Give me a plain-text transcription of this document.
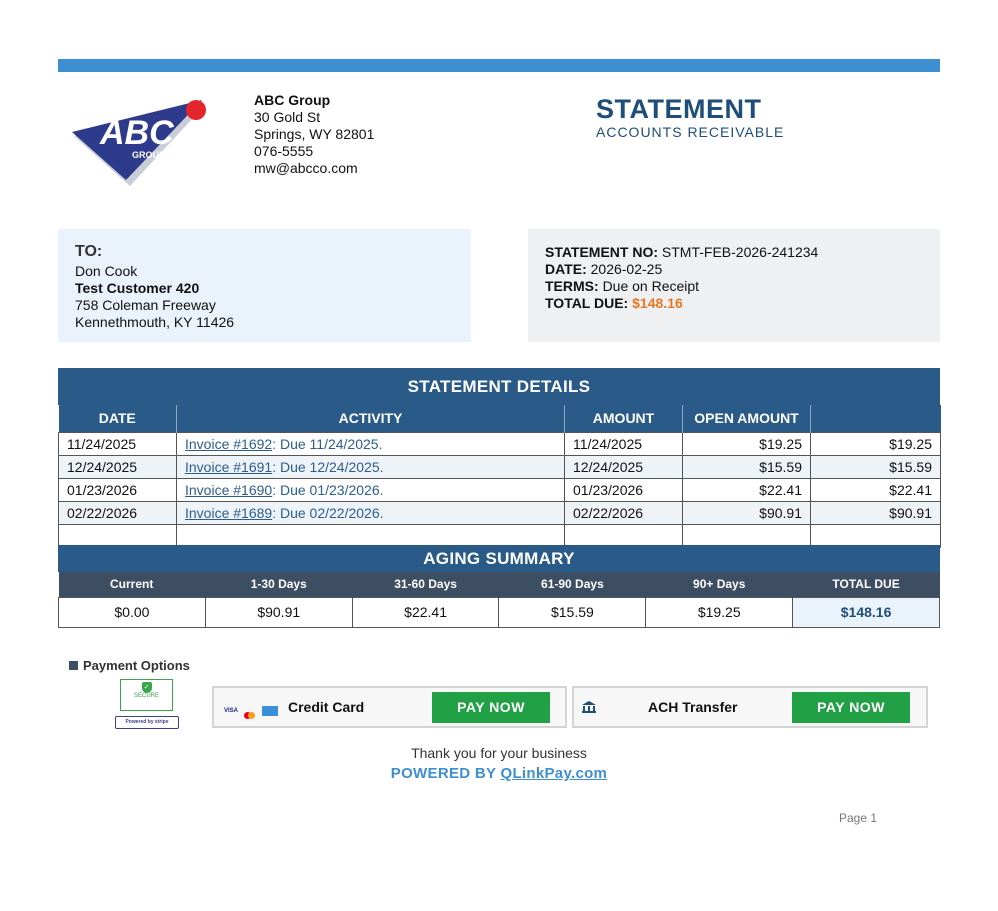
ABC
GROUP
ABC Group
30 Gold St
Springs, WY 82801
076-5555
mw@abcco.com
STATEMENT
ACCOUNTS RECEIVABLE
TO:
Don Cook
Test Customer 420
758 Coleman Freeway
Kennethmouth, KY 11426
STATEMENT NO: STMT-FEB-2026-241234
DATE: 2026-02-25
TERMS: Due on Receipt
TOTAL DUE: $148.16
STATEMENT DETAILS
DATE	ACTIVITY	AMOUNT	OPEN AMOUNT	
11/24/2025	Invoice #1692: Due 11/24/2025.	11/24/2025	$19.25	$19.25
12/24/2025	Invoice #1691: Due 12/24/2025.	12/24/2025	$15.59	$15.59
01/23/2026	Invoice #1690: Due 01/23/2026.	01/23/2026	$22.41	$22.41
02/22/2026	Invoice #1689: Due 02/22/2026.	02/22/2026	$90.91	$90.91

AGING SUMMARY
Current	1-30 Days	31-60 Days	61-90 Days	90+ Days	TOTAL DUE
$0.00	$90.91	$22.41	$15.59	$19.25	$148.16
Payment Options
✓
SECURE
Powered by stripe
VISA	Credit Card	PAY NOW	ACH Transfer	PAY NOW
Thank you for your business
POWERED BY QLinkPay.com
Page 1
